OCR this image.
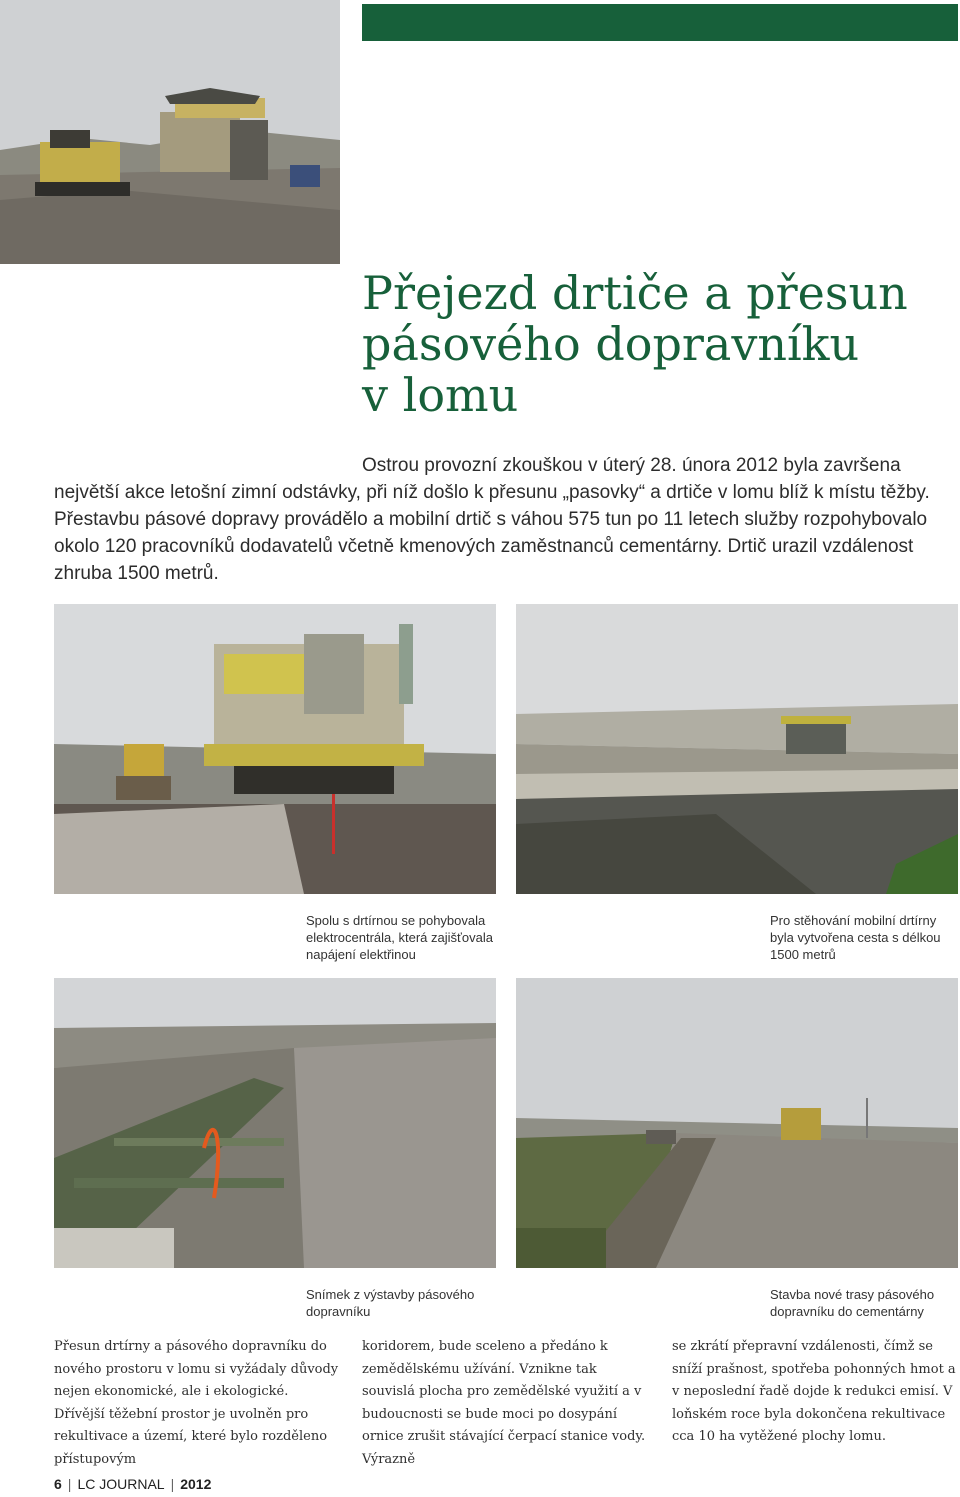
Přejezd drtiče a přesun
pásového dopravníku
v lomu

Ostrou provozní zkouškou v úterý 28. února 2012 byla završena největší akce letošní zimní odstávky, při níž došlo k přesunu „pasovky“ a drtiče v lomu blíž k místu těžby. Přestavbu pásové dopravy provádělo a mobilní drtič s váhou 575 tun po 11 letech služby rozpohybovalo okolo 120 pracovníků dodavatelů včetně kmenových zaměstnanců cementárny. Drtič urazil vzdálenost zhruba 1500 metrů.

Spolu s drtírnou se pohybovala elektrocentrála, která zajišťovala napájení elektřinou

Pro stěhování mobilní drtírny byla vytvořena cesta s délkou 1500 metrů

Snímek z výstavby pásového dopravníku

Stavba nové trasy pásového dopravníku do cementárny

Přesun drtírny a pásového dopravníku do nového prostoru v lomu si vyžádaly důvody nejen ekonomické, ale i ekologické. Dřívější těžební prostor je uvolněn pro rekultivace a území, které bylo rozděleno přístupovým

koridorem, bude sceleno a předáno k zemědělskému užívání. Vznikne tak souvislá plocha pro zemědělské využití a v budoucnosti se bude moci po dosypání ornice zrušit stávající čerpací stanice vody. Výrazně

se zkrátí přepravní vzdálenosti, čímž se sníží prašnost, spotřeba pohonných hmot a v neposlední řadě dojde k redukci emisí. V loňském roce byla dokončena rekultivace cca 10 ha vytěžené plochy lomu.

6 | LC JOURNAL | 2012
